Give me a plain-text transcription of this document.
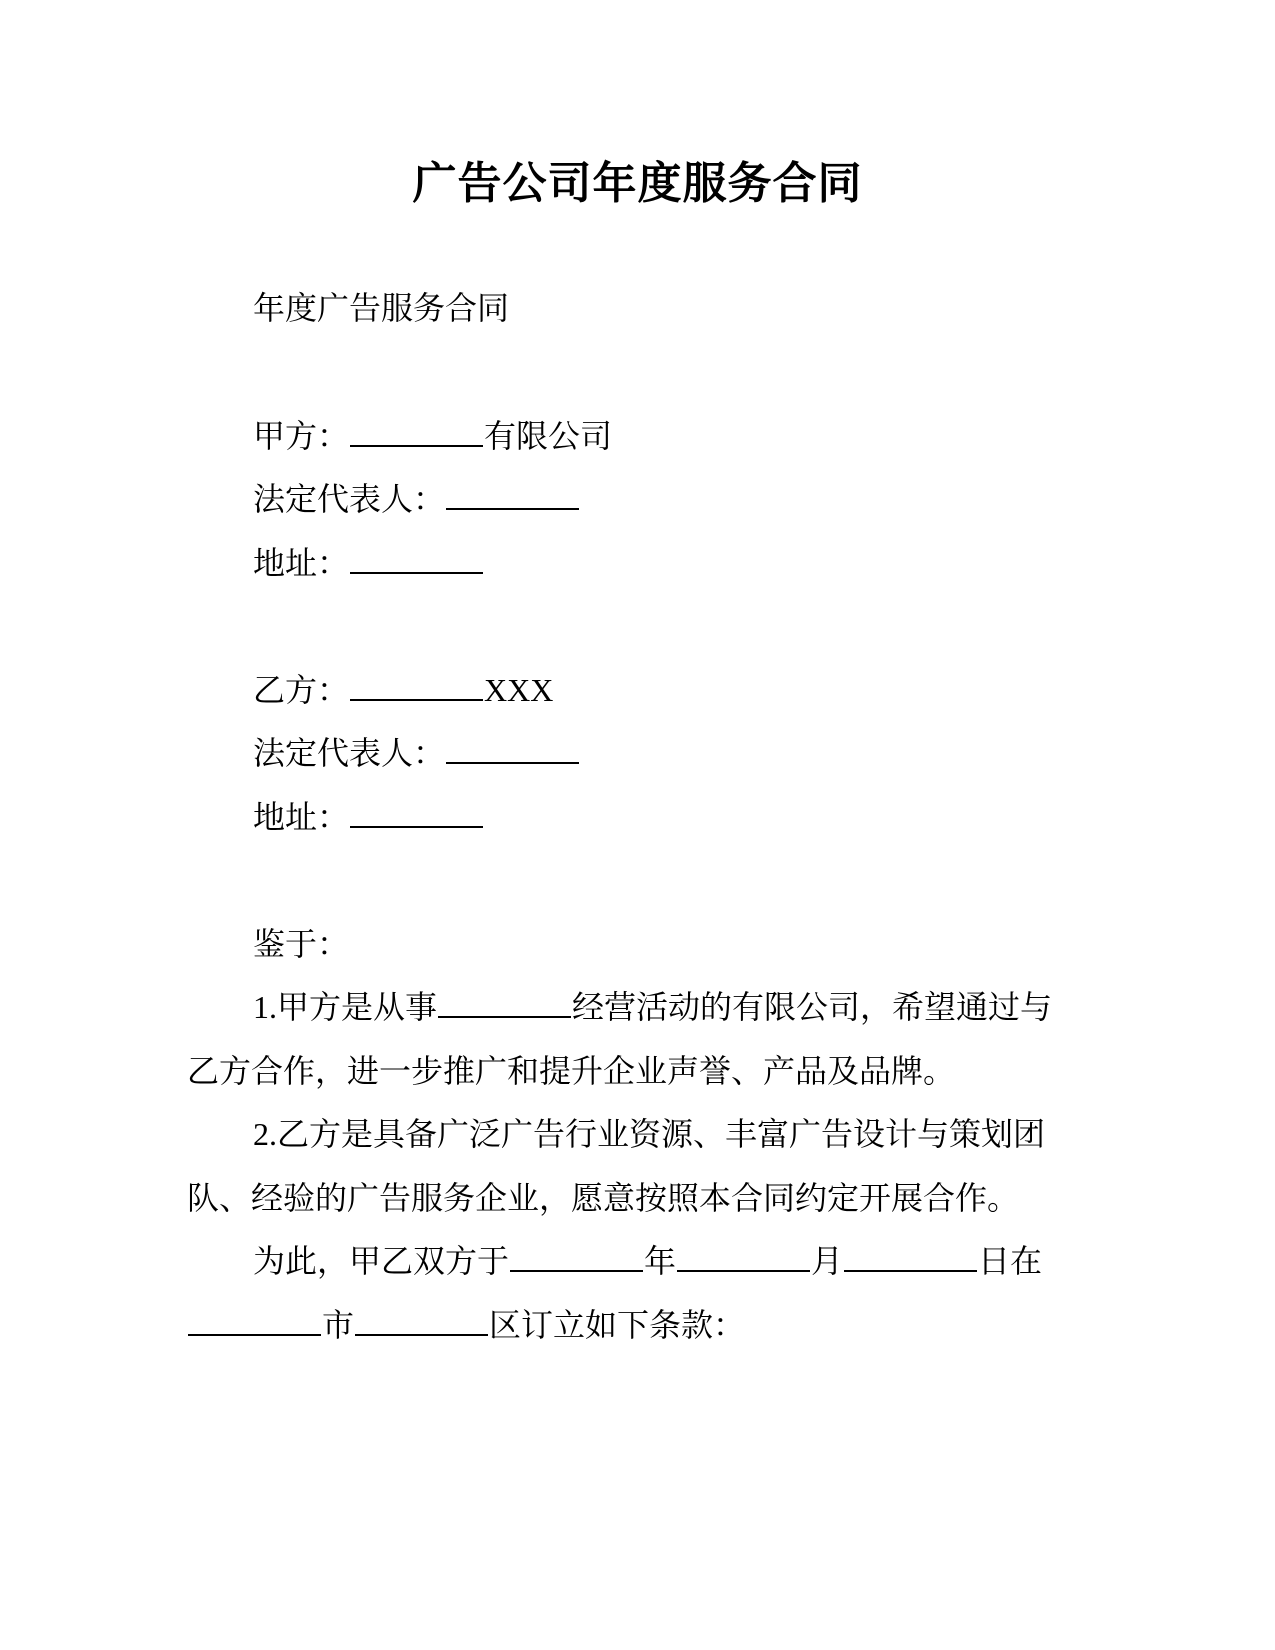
广告公司年度服务合同
年度广告服务合同
甲方：	有限公司
法定代表人：
地址：
乙方：	XXX
法定代表人：
地址：
鉴于：
1.甲方是从事	经营活动的有限公司，希望通过与
乙方合作，进一步推广和提升企业声誉、产品及品牌。
2.乙方是具备广泛广告行业资源、丰富广告设计与策划团
队、经验的广告服务企业，愿意按照本合同约定开展合作。
为此，甲乙双方于	年	月	日在
市	区订立如下条款：
